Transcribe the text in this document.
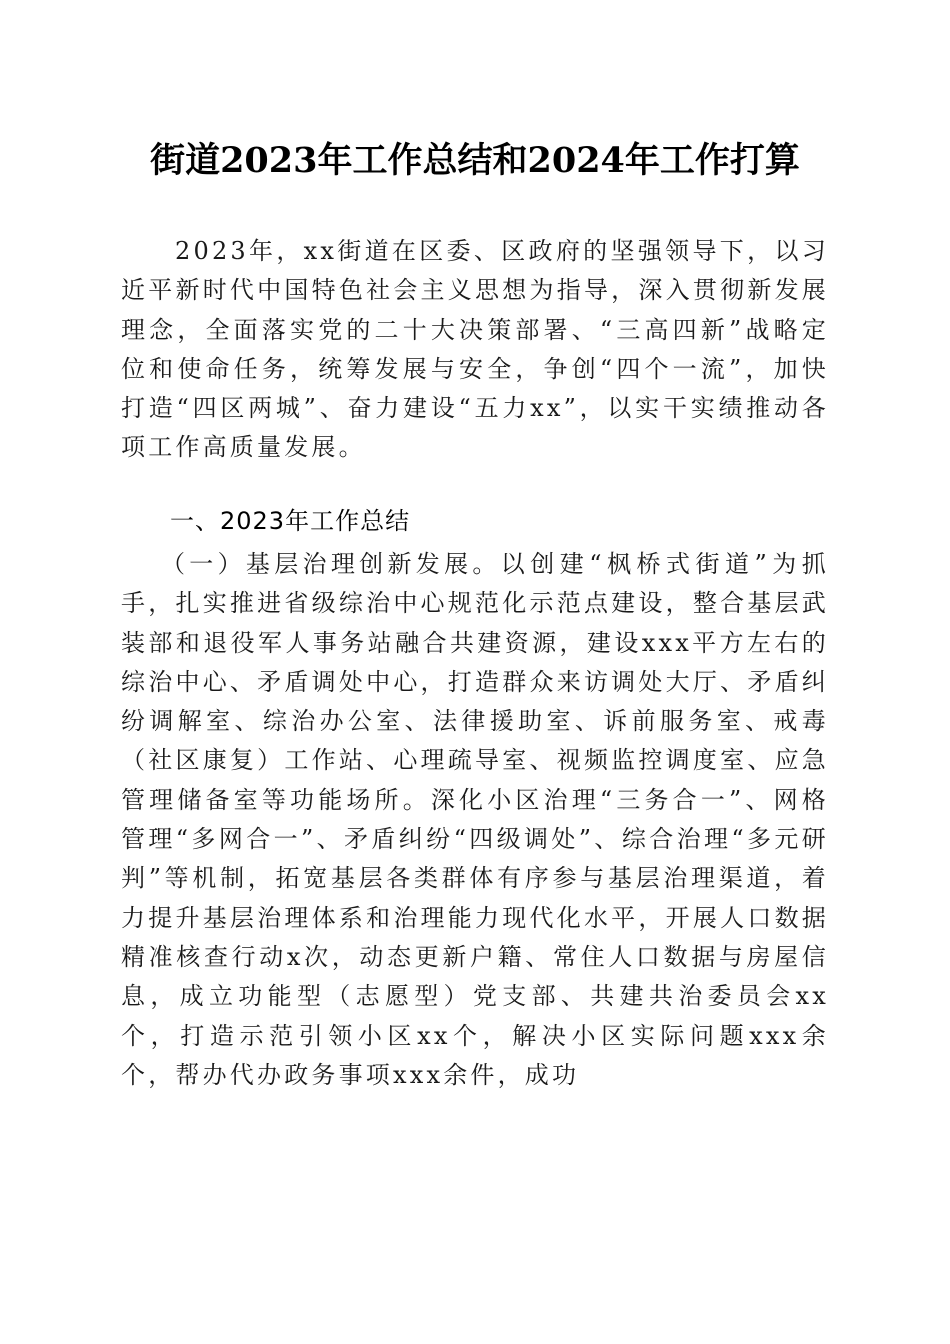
街道2023年工作总结和2024年工作打算
2023年，xx街道在区委、区政府的坚强领导下，以习近平新时代中国特色社会主义思想为指导，深入贯彻新发展理念，全面落实党的二十大决策部署、“三高四新”战略定位和使命任务，统筹发展与安全，争创“四个一流”，加快打造“四区两城”、奋力建设“五力xx”，以实干实绩推动各项工作高质量发展。
一、2023年工作总结
（一）基层治理创新发展。以创建“枫桥式街道”为抓手，扎实推进省级综治中心规范化示范点建设，整合基层武装部和退役军人事务站融合共建资源，建设xxx平方左右的综治中心、矛盾调处中心，打造群众来访调处大厅、矛盾纠纷调解室、综治办公室、法律援助室、诉前服务室、戒毒（社区康复）工作站、心理疏导室、视频监控调度室、应急管理储备室等功能场所。深化小区治理“三务合一”、网格管理“多网合一”、矛盾纠纷“四级调处”、综合治理“多元研判”等机制，拓宽基层各类群体有序参与基层治理渠道，着力提升基层治理体系和治理能力现代化水平，开展人口数据精准核查行动x次，动态更新户籍、常住人口数据与房屋信息，成立功能型（志愿型）党支部、共建共治委员会xx个，打造示范引领小区xx个，解决小区实际问题xxx余个，帮办代办政务事项xxx余件，成功
